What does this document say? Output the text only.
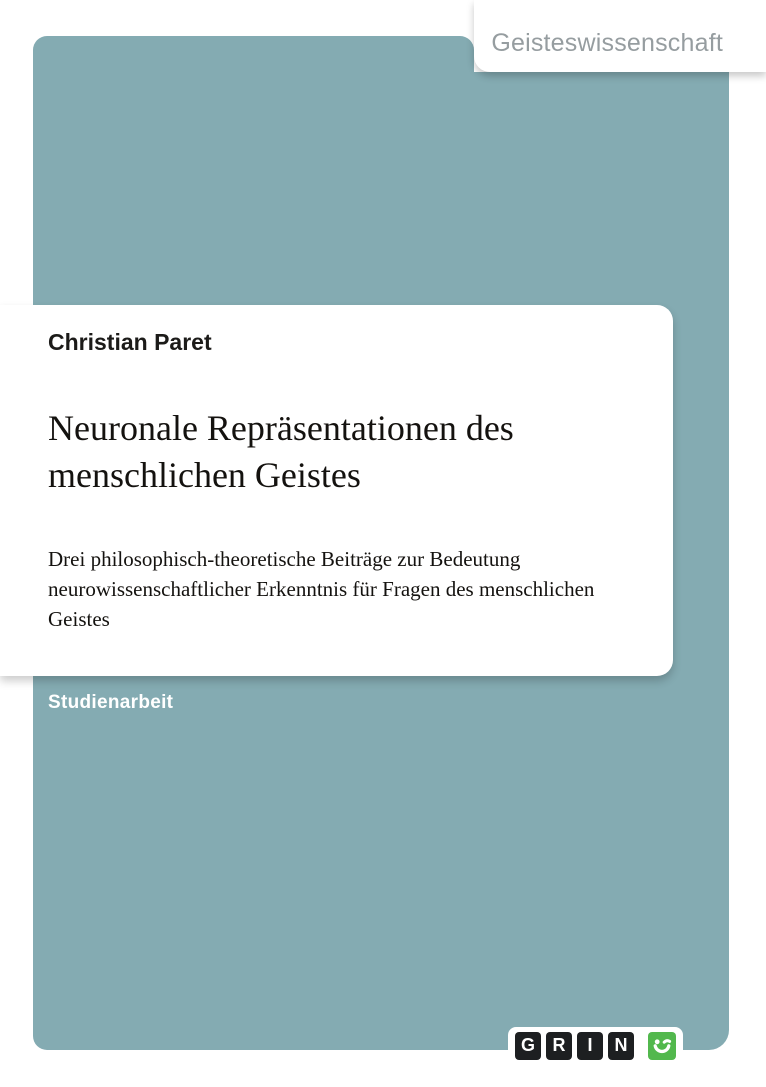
Geisteswissenschaft
Christian Paret
Neuronale Repräsentationen des
menschlichen Geistes
Drei philosophisch-theoretische Beiträge zur Bedeutung
neurowissenschaftlicher Erkenntnis für Fragen des menschlichen
Geistes
Studienarbeit
G R	I	N
